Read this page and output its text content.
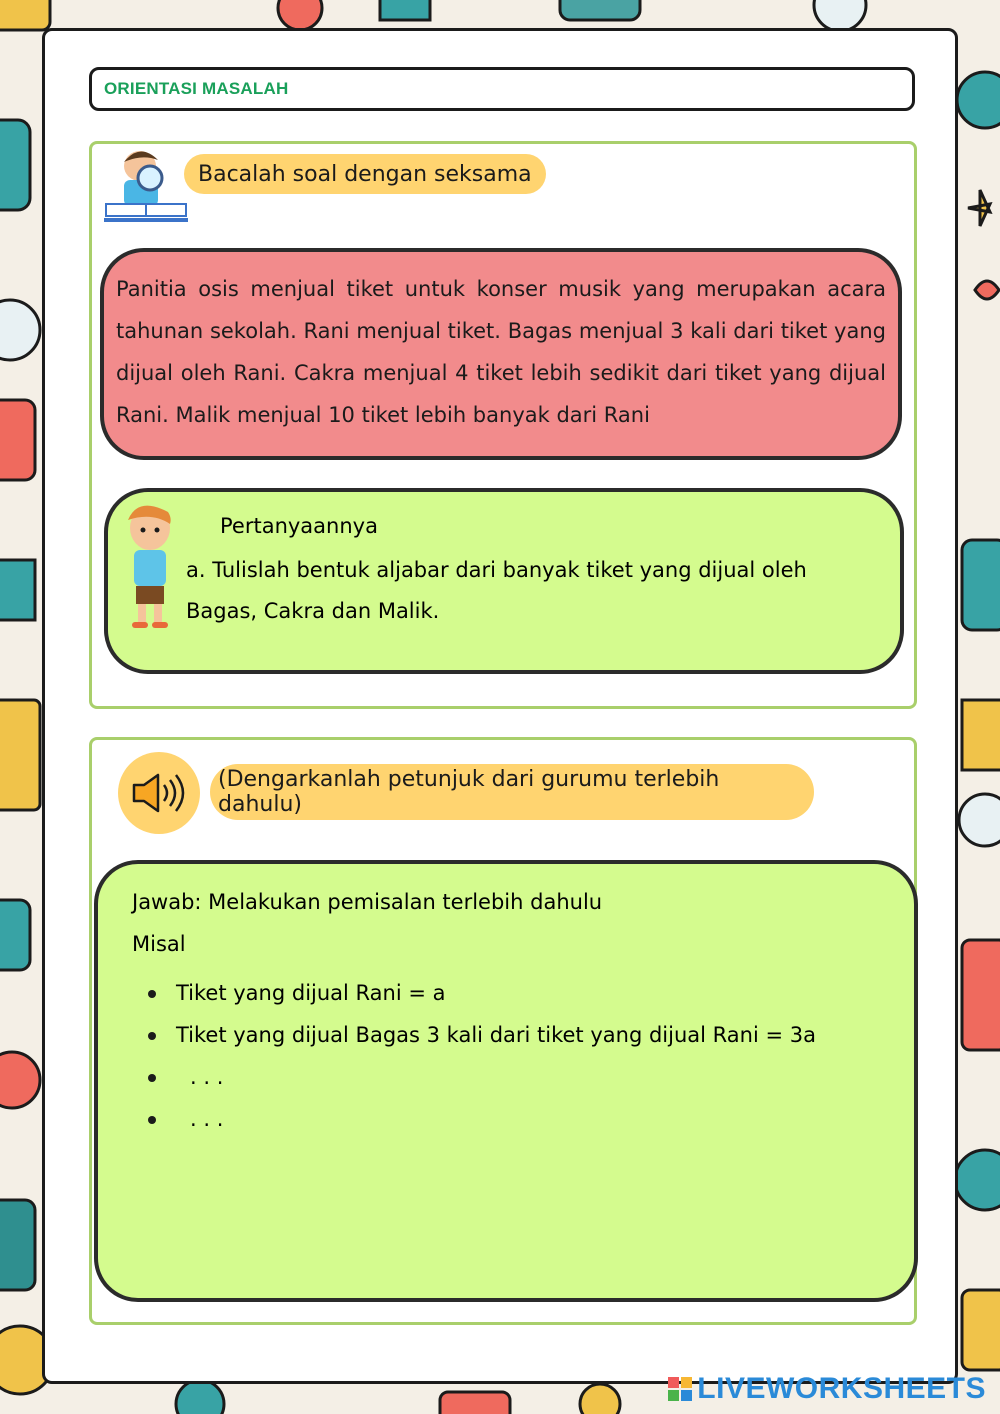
ORIENTASI MASALAH
Bacalah soal dengan seksama
Panitia osis menjual tiket untuk konser musik yang merupakan acara tahunan sekolah. Rani menjual tiket. Bagas menjual 3 kali dari tiket yang dijual oleh Rani. Cakra menjual 4 tiket lebih sedikit dari tiket yang dijual Rani. Malik menjual 10 tiket lebih banyak dari Rani
Pertanyaannya
a. Tulislah bentuk aljabar dari banyak tiket yang dijual oleh Bagas, Cakra dan Malik.
(Dengarkanlah petunjuk dari gurumu terlebih dahulu)
Jawab: Melakukan pemisalan terlebih dahulu
Misal
Tiket yang dijual Rani = a
Tiket yang dijual Bagas 3 kali dari tiket yang dijual Rani = 3a
. . .
. . .
LIVEWORKSHEETS
